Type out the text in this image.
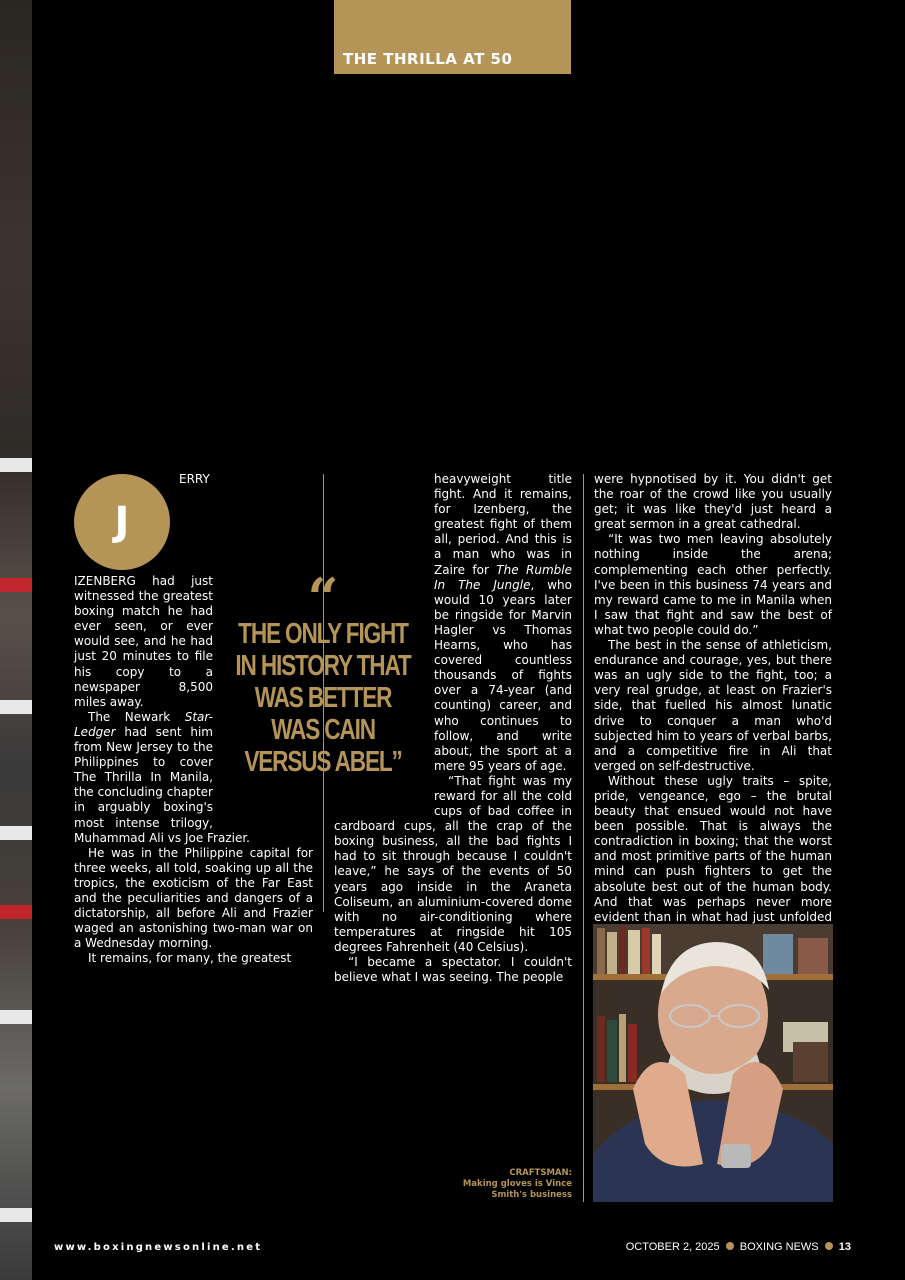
THE THRILLA AT 50
J

ERRY IZENBERG had just witnessed the greatest boxing match he had ever seen, or ever would see, and he had just 20 minutes to file his copy to a newspaper 8,500 miles away.

The Newark Star-Ledger had sent him from New Jersey to the Philippines to cover The Thrilla In Manila, the concluding chapter in arguably boxing's most intense trilogy, Muhammad Ali vs Joe Frazier.

He was in the Philippine capital for three weeks, all told, soaking up all the tropics, the exoticism of the Far East and the peculiarities and dangers of a dictatorship, all before Ali and Frazier waged an astonishing two-man war on a Wednesday morning.

It remains, for many, the greatest

heavyweight title fight. And it remains, for Izenberg, the greatest fight of them all, period. And this is a man who was in Zaire for The Rumble In The Jungle, who would 10 years later be ringside for Marvin Hagler vs Thomas Hearns, who has covered countless thousands of fights over a 74-year (and counting) career, and who continues to follow, and write about, the sport at a mere 95 years of age.

“That fight was my reward for all the cold cups of bad coffee in cardboard cups, all the crap of the boxing business, all the bad fights I had to sit through because I couldn't leave,” he says of the events of 50 years ago inside in the Araneta Coliseum, an aluminium-covered dome with no air-conditioning where temperatures at ringside hit 105 degrees Fahrenheit (40 Celsius).

“I became a spectator. I couldn't believe what I was seeing. The people

were hypnotised by it. You didn't get the roar of the crowd like you usually get; it was like they'd just heard a great sermon in a great cathedral.

“It was two men leaving absolutely nothing inside the arena; complementing each other perfectly. I've been in this business 74 years and my reward came to me in Manila when I saw that fight and saw the best of what two people could do.”

The best in the sense of athleticism, endurance and courage, yes, but there was an ugly side to the fight, too; a very real grudge, at least on Frazier's side, that fuelled his almost lunatic drive to conquer a man who'd subjected him to years of verbal barbs, and a competitive fire in Ali that verged on self-destructive.

Without these ugly traits – spite, pride, vengeance, ego – the brutal beauty that ensued would not have been possible. That is always the contradiction in boxing; that the worst and most primitive parts of the human mind can push fighters to get the absolute best out of the human body. And that was perhaps never more evident than in what had just unfolded

“
THE ONLY FIGHT IN HISTORY THAT WAS BETTER WAS CAIN VERSUS ABEL”
CRAFTSMAN:
Making gloves is Vince Smith's business
www.boxingnewsonline.net	OCTOBER 2, 2025 BOXING NEWS 13
